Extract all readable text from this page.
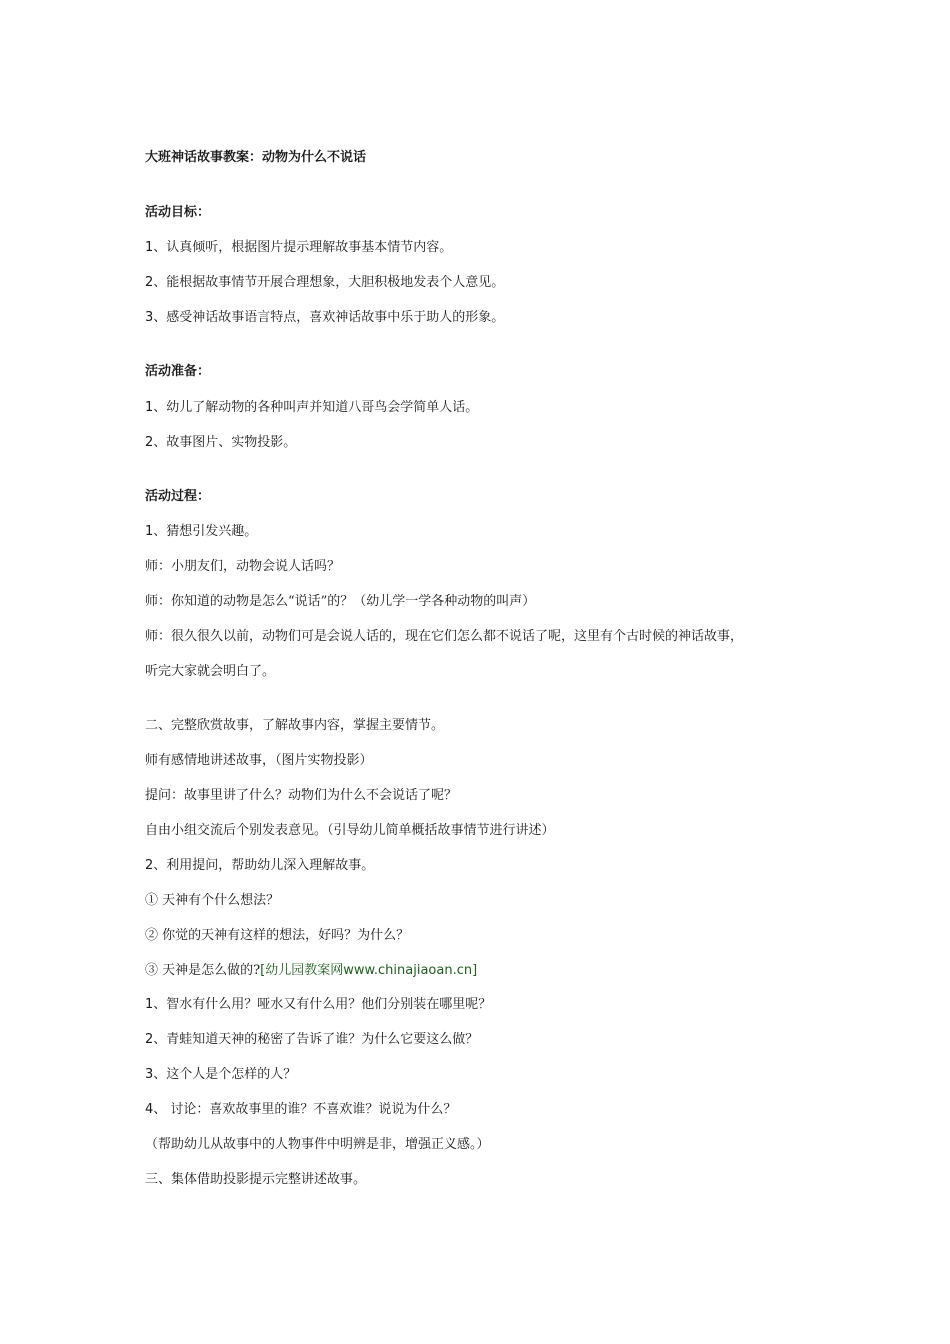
大班神话故事教案：动物为什么不说话

活动目标：

1、认真倾听，根据图片提示理解故事基本情节内容。

2、能根据故事情节开展合理想象，大胆积极地发表个人意见。

3、感受神话故事语言特点，喜欢神话故事中乐于助人的形象。

活动准备：

1、幼儿了解动物的各种叫声并知道八哥鸟会学简单人话。

2、故事图片、实物投影。

活动过程：

1、猜想引发兴趣。

师：小朋友们，动物会说人话吗？

师：你知道的动物是怎么“说话”的？（幼儿学一学各种动物的叫声）

师：很久很久以前，动物们可是会说人话的，现在它们怎么都不说话了呢，这里有个古时候的神话故事，

听完大家就会明白了。

二、完整欣赏故事，了解故事内容，掌握主要情节。

师有感情地讲述故事，（图片实物投影）

提问：故事里讲了什么？动物们为什么不会说话了呢？

自由小组交流后个别发表意见。（引导幼儿简单概括故事情节进行讲述）

2、利用提问，帮助幼儿深入理解故事。

① 天神有个什么想法？

② 你觉的天神有这样的想法，好吗？为什么？

③ 天神是怎么做的?[幼儿园教案网www.chinajiaoan.cn]

1、智水有什么用？哑水又有什么用？他们分别装在哪里呢？

2、青蛙知道天神的秘密了告诉了谁？为什么它要这么做？

3、这个人是个怎样的人？

4、 讨论：喜欢故事里的谁？不喜欢谁？说说为什么？

（帮助幼儿从故事中的人物事件中明辨是非，增强正义感。）

三、集体借助投影提示完整讲述故事。
